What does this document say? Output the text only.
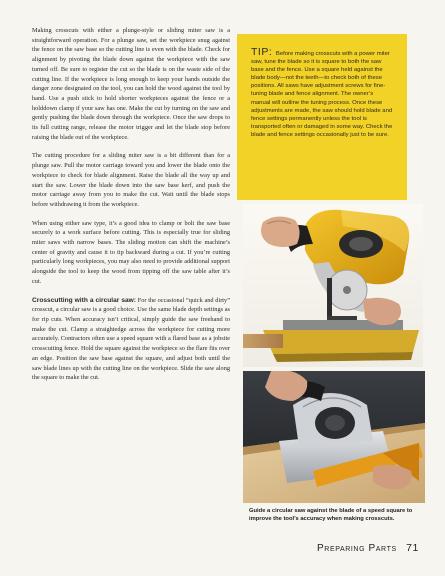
Making crosscuts with either a plunge-style or sliding miter saw is a straightforward operation. For a plunge saw, set the workpiece snug against the fence on the saw base so the cutting line is even with the blade. Check for alignment by pivoting the blade down against the workpiece with the saw turned off. Be sure to register the cut so the blade is on the waste side of the cutting line. If the workpiece is long enough to keep your hands outside the danger zone designated on the tool, you can hold the wood against the tool by hand. Use a push stick to hold shorter workpieces against the fence or a holddown clamp if your saw has one. Make the cut by turning on the saw and gently pushing the blade down through the workpiece. Once the saw drops to its full cutting range, release the motor trigger and let the blade stop before raising the blade out of the workpiece.

The cutting procedure for a sliding miter saw is a bit different than for a plunge saw. Pull the motor carriage toward you and lower the blade onto the workpiece to check for blade alignment. Raise the blade all the way up and start the saw. Lower the blade down into the saw base kerf, and push the motor carriage away from you to make the cut. Wait until the blade stops before withdrawing it from the workpiece.

When using either saw type, it’s a good idea to clamp or bolt the saw base securely to a work surface before cutting. This is especially true for sliding miter saws with narrow bases. The sliding motion can shift the machine’s center of gravity and cause it to tip backward during a cut. If you’re cutting particularly long workpieces, you may also need to provide additional support alongside the tool to keep the wood from tipping off the saw table after it’s cut.

Crosscutting with a circular saw: For the occasional “quick and dirty” crosscut, a circular saw is a good choice. Use the same blade depth settings as for rip cuts. When accuracy isn’t critical, simply guide the saw freehand to make the cut. Clamp a straightedge across the workpiece for cutting more accurately. Contractors often use a speed square with a flared base as a jobsite crosscutting fence. Hold the square against the workpiece so the flare fits over an edge. Position the saw base against the square, and adjust both until the saw blade lines up with the cutting line on the workpiece. Slide the saw along the square to make the cut.

TIP: Before making crosscuts with a power miter saw, tune the blade so it is square to both the saw base and the fence. Use a square held against the blade body—not the teeth—to check both of these positions. All saws have adjustment screws for fine-tuning blade and fence alignment. The owner’s manual will outline the tuning process. Once these adjustments are made, the saw should hold blade and fence settings permanently unless the tool is transported often or damaged in some way. Check the blade and fence settings occasionally just to be sure.
Guide a circular saw against the blade of a speed square to improve the tool’s accuracy when making crosscuts.
Preparing Parts 71
